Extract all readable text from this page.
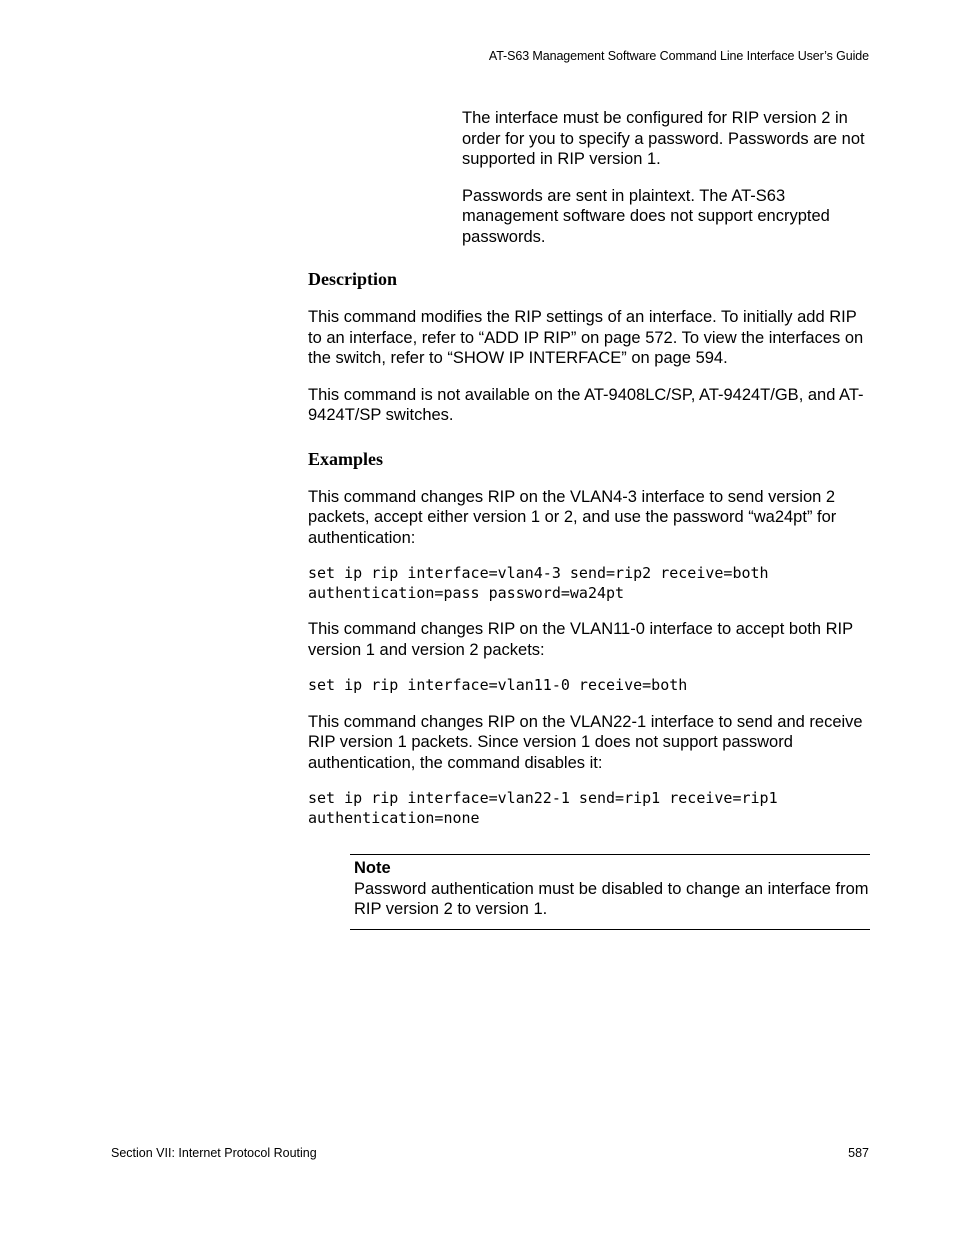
AT-S63 Management Software Command Line Interface User’s Guide

The interface must be configured for RIP version 2 in order for you to specify a password. Passwords are not supported in RIP version 1.

Passwords are sent in plaintext. The AT-S63 management software does not support encrypted passwords.

Description

This command modifies the RIP settings of an interface. To initially add RIP to an interface, refer to “ADD IP RIP” on page 572. To view the interfaces on the switch, refer to “SHOW IP INTERFACE” on page 594.

This command is not available on the AT-9408LC/SP, AT-9424T/GB, and AT-9424T/SP switches.

Examples

This command changes RIP on the VLAN4-3 interface to send version 2 packets, accept either version 1 or 2, and use the password “wa24pt” for authentication:

set ip rip interface=vlan4-3 send=rip2 receive=both
authentication=pass password=wa24pt

This command changes RIP on the VLAN11-0 interface to accept both RIP version 1 and version 2 packets:

set ip rip interface=vlan11-0 receive=both

This command changes RIP on the VLAN22-1 interface to send and receive RIP version 1 packets. Since version 1 does not support password authentication, the command disables it:

set ip rip interface=vlan22-1 send=rip1 receive=rip1
authentication=none
Note
Password authentication must be disabled to change an interface from RIP version 2 to version 1.
Section VII: Internet Protocol Routing	587
